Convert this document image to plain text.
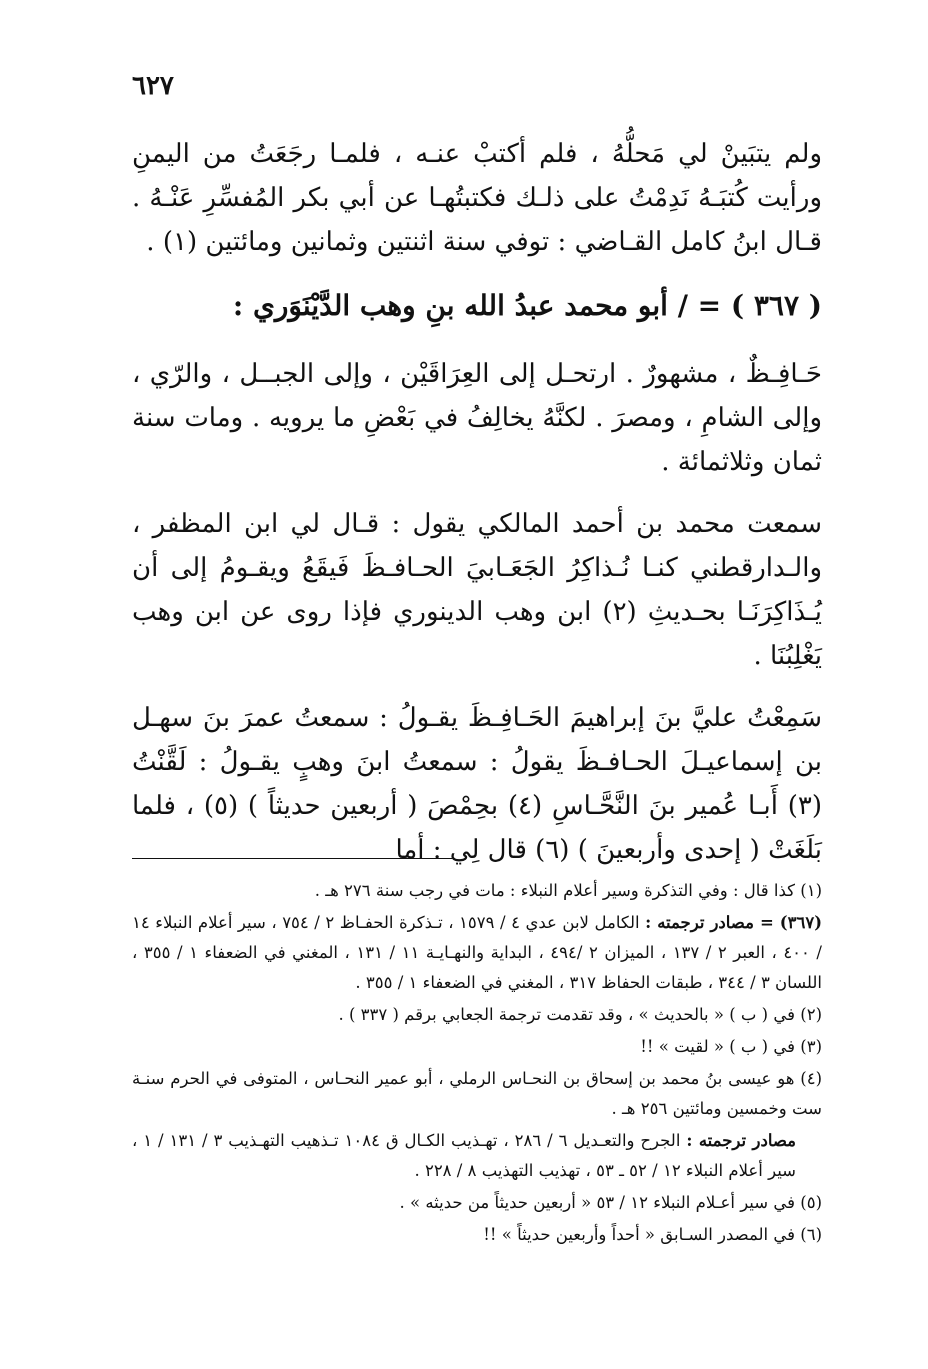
٦٢٧

ولم يتبَينْ لي مَحلُّهُ ، فلم أكتبْ عنـه ، فلمـا رجَعَتُ من اليمنِ ورأيت كُتبَـهُ نَدِمْتُ على ذلـك فكتبتُهـا عن أبي بكر المُفسِّرِ عَنْـهُ . قـال ابنُ كامل القـاضي : توفي سنة اثنتين وثمانين ومائتين (١) .

( ٣٦٧ ) = / أبو محمد عبدُ الله بنِ وهب الدَّيْنَوَري :

حَـافِـظٌ ، مشهورٌ . ارتحـل إلى العِرَاقَيْن ، وإلى الجبــل ، والرّي ، وإلى الشامِ ، ومصرَ . لكنَّهُ يخالِفُ في بَعْضِ ما يرويه . ومات سنة ثمان وثلاثمائة .

سمعت محمد بن أحمد المالكي يقول : قـال لي ابن المظفر ، والـدارقطني كنـا نُـذاكِرُ الجَعَـابيَ الحـافـظَ فَيقَعُ ويقـومُ إلى أن يُـذَاكِرَنَـا بحـديثِ (٢) ابن وهب الدينوري فإذا روى عن ابن وهب يَغْلِبُنَا .

سَمِعْتُ عليَّ بنَ إبراهيمَ الحَـافِـظَ يقـولُ : سمعتُ عمرَ بنَ سهـل بن إسماعيـلَ الحـافـظَ يقولُ : سمعتُ ابنَ وهبٍ يقـولُ : لَقَّنْتُ (٣) أَبـا عُمير بنَ النَّحَّـاسِ (٤) بحِمْصَ ( أربعين حديثاً ) (٥) ، فلما بَلَغَتْ ( إحدى وأربعينَ ) (٦) قال لِي : أما

(١) كذا قال : وفي التذكرة وسير أعلام النبلاء : مات في رجب سنة ٢٧٦ هـ .

(٣٦٧) = مصادر ترجمته : الكامل لابن عدي ٤ / ١٥٧٩ ، تـذكرة الحفـاظ ٢ / ٧٥٤ ، سير أعلام النبلاء ١٤ / ٤٠٠ ، العبر ٢ / ١٣٧ ، الميزان ٢ /٤٩٤ ، البداية والنهـايـة ١١ / ١٣١ ، المغني في الضعفاء ١ / ٣٥٥ ، اللسان ٣ / ٣٤٤ ، طبقات الحفاظ ٣١٧ ، المغني في الضعفاء ١ / ٣٥٥ .

(٢) في ( ب ) « بالحديث » ، وقد تقدمت ترجمة الجعابي برقم ( ٣٣٧ ) .

(٣) في ( ب ) « لقيت » !!

(٤) هو عيسى بنُ محمد بن إسحاق بن النحـاس الرملي ، أبو عمير النحـاس ، المتوفى في الحرم سنـة ست وخمسين ومائتين ٢٥٦ هـ .

مصادر ترجمته : الجرح والتعـديل ٦ / ٢٨٦ ، تهـذيب الكـال ق ١٠٨٤ تـذهيب التهـذيب ٣ / ١٣١ / ١ ، سير أعلام النبلاء ١٢ / ٥٢ ـ ٥٣ ، تهذيب التهذيب ٨ / ٢٢٨ .

(٥) في سير أعـلام النبلاء ١٢ / ٥٣ « أربعين حديثاً من حديثه » .

(٦) في المصدر السـابق « أحداً وأربعين حديثاً » !!
